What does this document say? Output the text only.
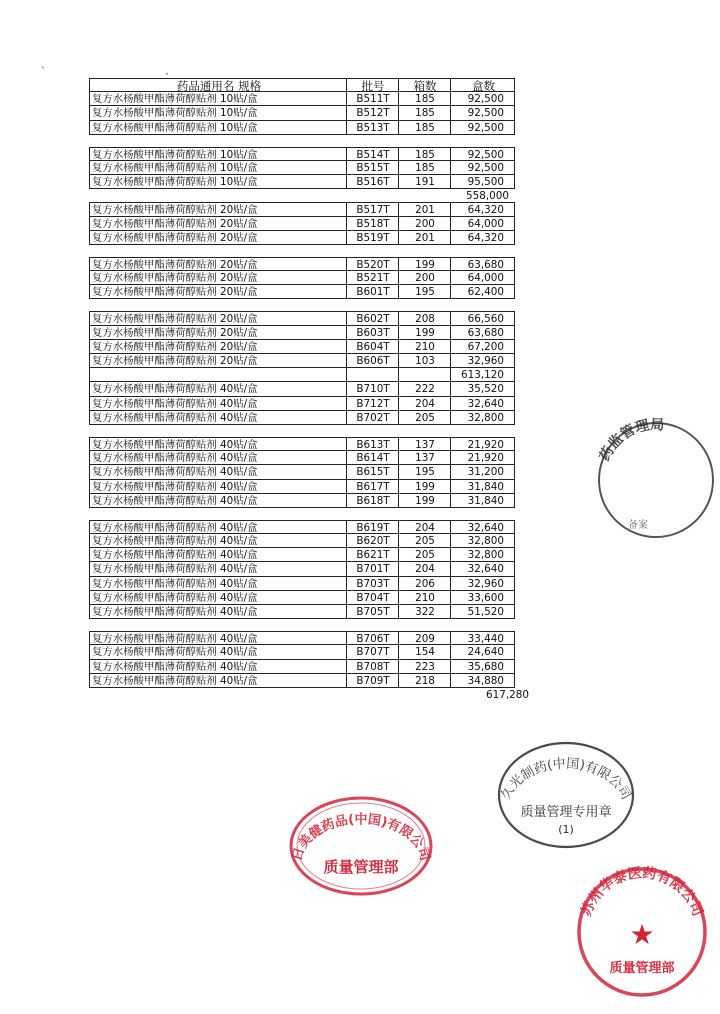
`                                          ,
药品通用名 规格	批号	箱数	盒数
复方水杨酸甲酯薄荷醇贴剂 10贴/盒	B511T	185	92,500
复方水杨酸甲酯薄荷醇贴剂 10贴/盒	B512T	185	92,500
复方水杨酸甲酯薄荷醇贴剂 10贴/盒	B513T	185	92,500
复方水杨酸甲酯薄荷醇贴剂 10贴/盒	B514T	185	92,500
复方水杨酸甲酯薄荷醇贴剂 10贴/盒	B515T	185	92,500
复方水杨酸甲酯薄荷醇贴剂 10贴/盒	B516T	191	95,500
558,000
复方水杨酸甲酯薄荷醇贴剂 20贴/盒	B517T	201	64,320
复方水杨酸甲酯薄荷醇贴剂 20贴/盒	B518T	200	64,000
复方水杨酸甲酯薄荷醇贴剂 20贴/盒	B519T	201	64,320
复方水杨酸甲酯薄荷醇贴剂 20贴/盒	B520T	199	63,680
复方水杨酸甲酯薄荷醇贴剂 20贴/盒	B521T	200	64,000
复方水杨酸甲酯薄荷醇贴剂 20贴/盒	B601T	195	62,400
复方水杨酸甲酯薄荷醇贴剂 20贴/盒	B602T	208	66,560
复方水杨酸甲酯薄荷醇贴剂 20贴/盒	B603T	199	63,680
复方水杨酸甲酯薄荷醇贴剂 20贴/盒	B604T	210	67,200
复方水杨酸甲酯薄荷醇贴剂 20贴/盒	B606T	103	32,960
613,120
复方水杨酸甲酯薄荷醇贴剂 40贴/盒	B710T	222	35,520
复方水杨酸甲酯薄荷醇贴剂 40贴/盒	B712T	204	32,640
复方水杨酸甲酯薄荷醇贴剂 40贴/盒	B702T	205	32,800
复方水杨酸甲酯薄荷醇贴剂 40贴/盒	B613T	137	21,920
复方水杨酸甲酯薄荷醇贴剂 40贴/盒	B614T	137	21,920
复方水杨酸甲酯薄荷醇贴剂 40贴/盒	B615T	195	31,200
复方水杨酸甲酯薄荷醇贴剂 40贴/盒	B617T	199	31,840
复方水杨酸甲酯薄荷醇贴剂 40贴/盒	B618T	199	31,840
复方水杨酸甲酯薄荷醇贴剂 40贴/盒	B619T	204	32,640
复方水杨酸甲酯薄荷醇贴剂 40贴/盒	B620T	205	32,800
复方水杨酸甲酯薄荷醇贴剂 40贴/盒	B621T	205	32,800
复方水杨酸甲酯薄荷醇贴剂 40贴/盒	B701T	204	32,640
复方水杨酸甲酯薄荷醇贴剂 40贴/盒	B703T	206	32,960
复方水杨酸甲酯薄荷醇贴剂 40贴/盒	B704T	210	33,600
复方水杨酸甲酯薄荷醇贴剂 40贴/盒	B705T	322	51,520
复方水杨酸甲酯薄荷醇贴剂 40贴/盒	B706T	209	33,440
复方水杨酸甲酯薄荷醇贴剂 40贴/盒	B707T	154	24,640
复方水杨酸甲酯薄荷醇贴剂 40贴/盒	B708T	223	35,680
复方水杨酸甲酯薄荷醇贴剂 40贴/盒	B709T	218	34,880
617,280
久光制药(中国)有限公司
质量管理专用章
(1)
日美健药品(中国)有限公司
质量管理部
苏州华泰医药有限公司
★
质量管理部
药监管理局
备案
